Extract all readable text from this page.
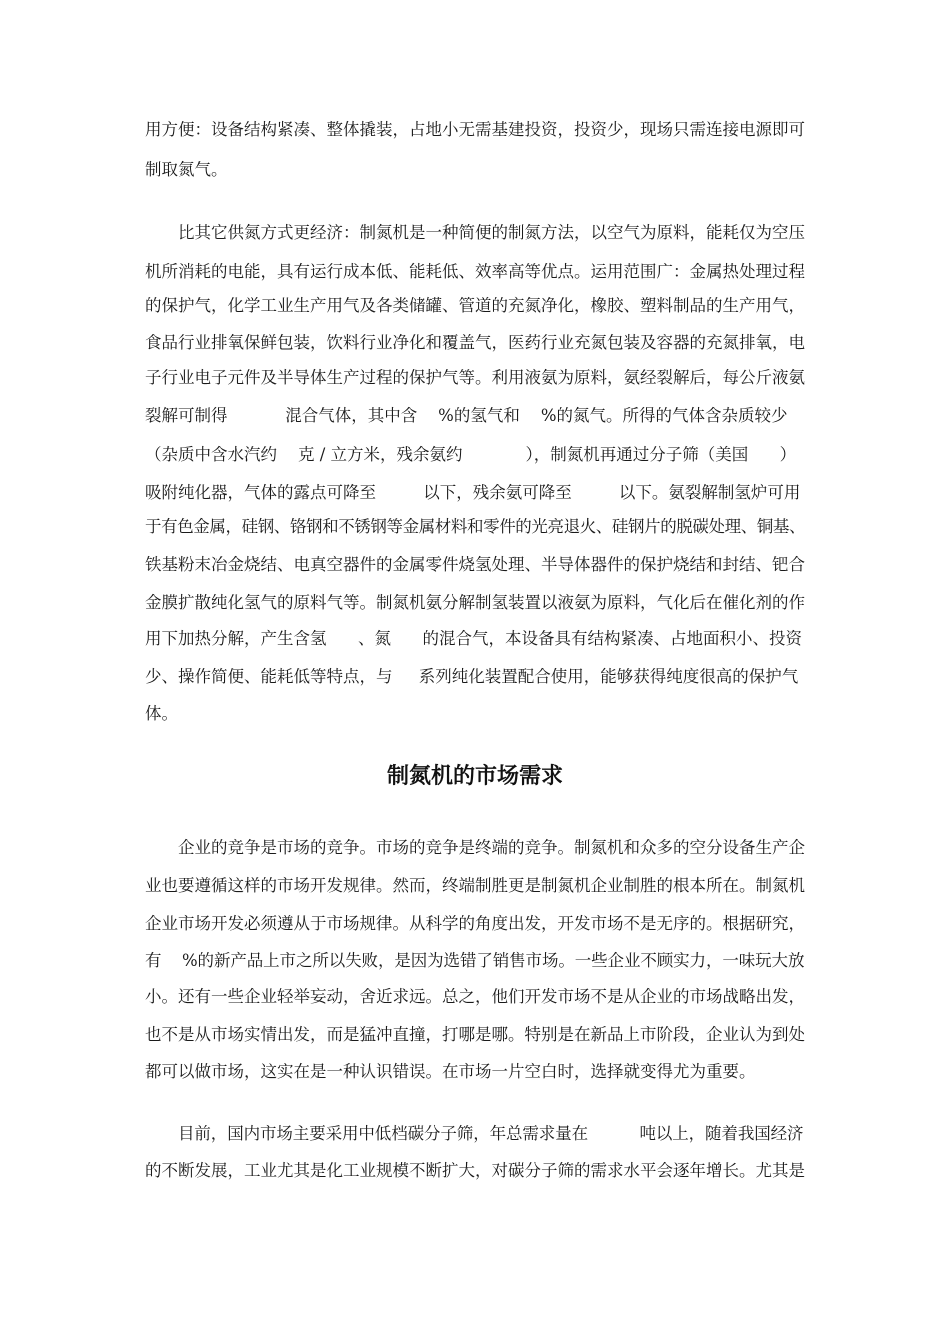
用方便：设备结构紧凑、整体撬装，占地小无需基建投资，投资少，现场只需连接电源即可
制取氮气。
比其它供氮方式更经济：制氮机是一种简便的制氮方法，以空气为原料，能耗仅为空压
机所消耗的电能，具有运行成本低、能耗低、效率高等优点。运用范围广：金属热处理过程
的保护气，化学工业生产用气及各类储罐、管道的充氮净化，橡胶、塑料制品的生产用气，
食品行业排氧保鲜包装，饮料行业净化和覆盖气，医药行业充氮包装及容器的充氮排氧，电
子行业电子元件及半导体生产过程的保护气等。利用液氨为原料，氨经裂解后，每公斤液氨
裂解可制得           混合气体，其中含    %的氢气和    %的氮气。所得的气体含杂质较少
（杂质中含水汽约    克 / 立方米，残余氨约            ），制氮机再通过分子筛（美国      ）
吸附纯化器，气体的露点可降至         以下，残余氨可降至         以下。氨裂解制氢炉可用
于有色金属，硅钢、铬钢和不锈钢等金属材料和零件的光亮退火、硅钢片的脱碳处理、铜基、
铁基粉末冶金烧结、电真空器件的金属零件烧氢处理、半导体器件的保护烧结和封结、钯合
金膜扩散纯化氢气的原料气等。制氮机氨分解制氢装置以液氨为原料，气化后在催化剂的作
用下加热分解，产生含氢      、氮      的混合气，本设备具有结构紧凑、占地面积小、投资
少、操作简便、能耗低等特点，与     系列纯化装置配合使用，能够获得纯度很高的保护气
体。
制氮机的市场需求
企业的竞争是市场的竞争。市场的竞争是终端的竞争。制氮机和众多的空分设备生产企
业也要遵循这样的市场开发规律。然而，终端制胜更是制氮机企业制胜的根本所在。制氮机
企业市场开发必须遵从于市场规律。从科学的角度出发，开发市场不是无序的。根据研究，
有    %的新产品上市之所以失败，是因为选错了销售市场。一些企业不顾实力，一味玩大放
小。还有一些企业轻举妄动，舍近求远。总之，他们开发市场不是从企业的市场战略出发，
也不是从市场实情出发，而是猛冲直撞，打哪是哪。特别是在新品上市阶段，企业认为到处
都可以做市场，这实在是一种认识错误。在市场一片空白时，选择就变得尤为重要。
目前，国内市场主要采用中低档碳分子筛，年总需求量在          吨以上，随着我国经济
的不断发展，工业尤其是化工业规模不断扩大，对碳分子筛的需求水平会逐年增长。尤其是
